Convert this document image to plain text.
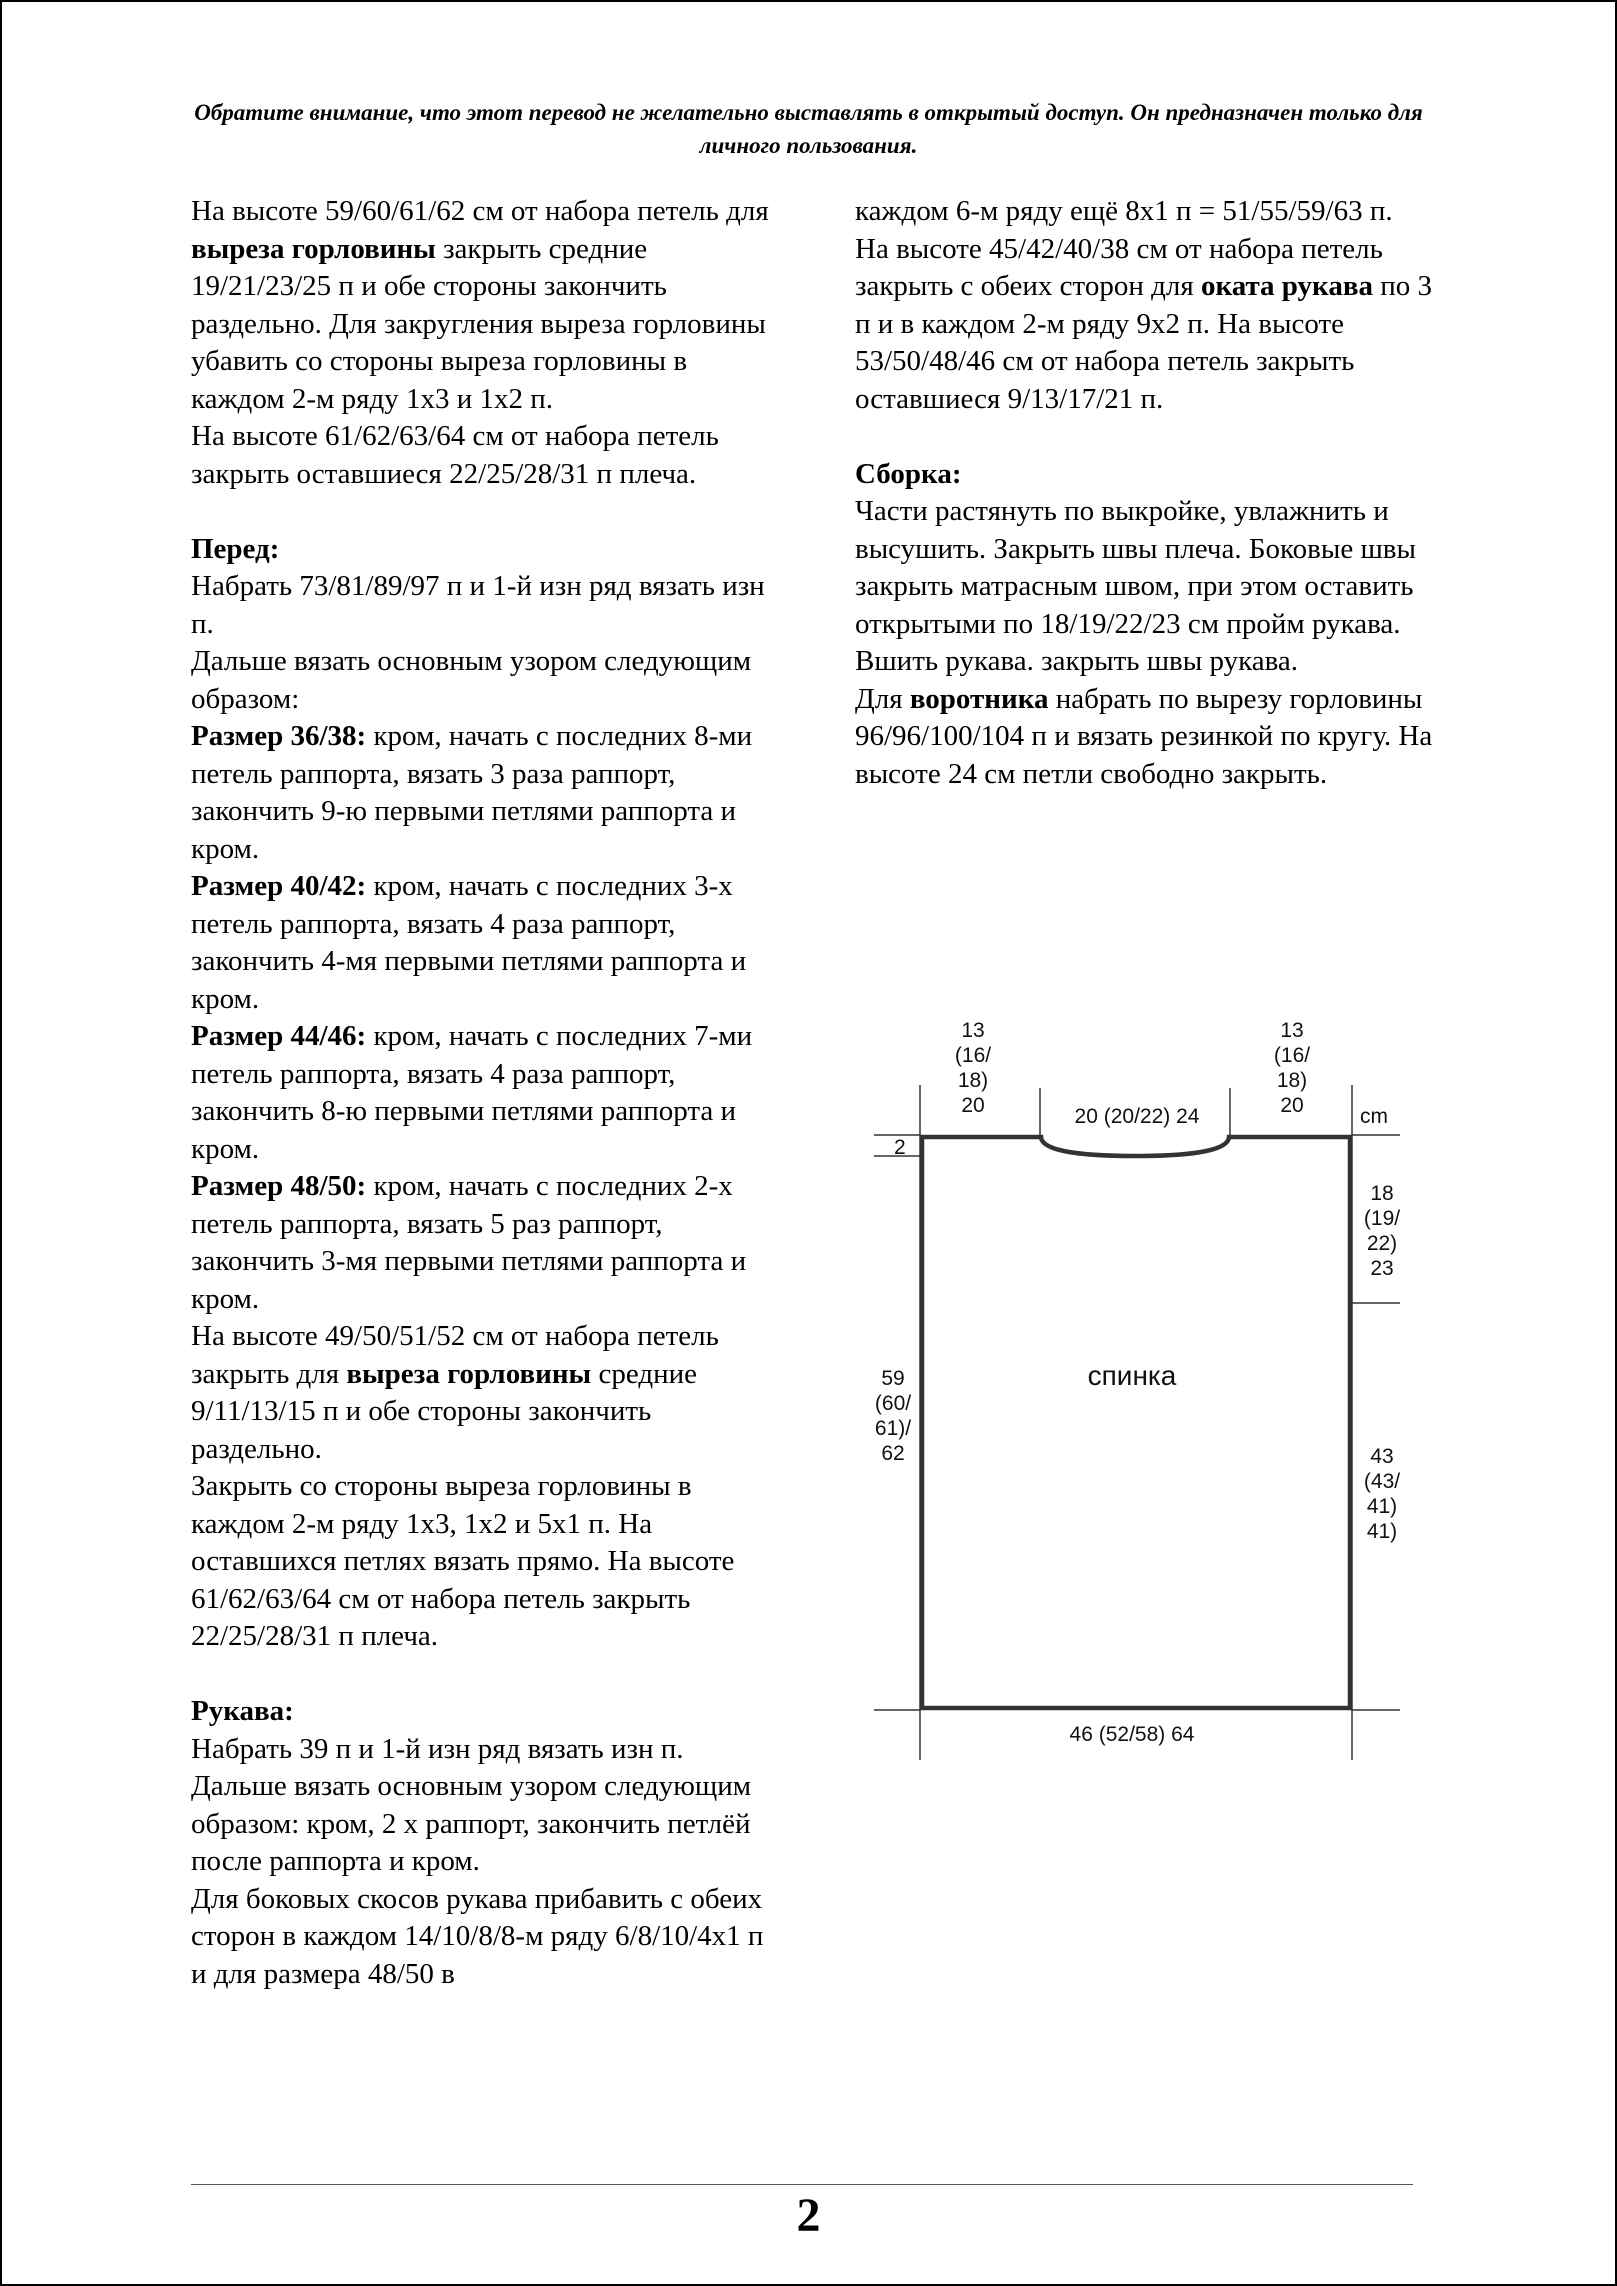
Обратите внимание, что этот перевод не желательно выставлять в открытый доступ. Он предназначен только для личного пользования.

На высоте 59/60/61/62 см от набора петель для выреза горловины закрыть средние 19/21/23/25 п и обе стороны закончить раздельно. Для закругления выреза горловины убавить со стороны выреза горловины в каждом 2-м ряду 1х3 и 1х2 п.

На высоте 61/62/63/64 см от набора петель закрыть оставшиеся 22/25/28/31 п плеча.

Перед:

Набрать 73/81/89/97 п и 1-й изн ряд вязать изн п.

Дальше вязать основным узором следующим образом:

Размер 36/38: кром, начать с последних 8-ми петель раппорта, вязать 3 раза раппорт, закончить 9-ю первыми петлями раппорта и кром.

Размер 40/42: кром, начать с последних 3-х петель раппорта, вязать 4 раза раппорт, закончить 4-мя первыми петлями раппорта и кром.

Размер 44/46: кром, начать с последних 7-ми петель раппорта, вязать 4 раза раппорт, закончить 8-ю первыми петлями раппорта и кром.

Размер 48/50: кром, начать с последних 2-х петель раппорта, вязать 5 раз раппорт, закончить 3-мя первыми петлями раппорта и кром.

На высоте 49/50/51/52 см от набора петель закрыть для выреза горловины средние 9/11/13/15 п и обе стороны закончить раздельно.

Закрыть со стороны выреза горловины в каждом 2-м ряду 1х3, 1х2 и 5х1 п. На оставшихся петлях вязать прямо. На высоте 61/62/63/64 см от набора петель закрыть 22/25/28/31 п плеча.

Рукава:

Набрать 39 п и 1-й изн ряд вязать изн п.

Дальше вязать основным узором следующим образом: кром, 2 х раппорт, закончить петлёй после раппорта и кром.

Для боковых скосов рукава прибавить с обеих сторон в каждом 14/10/8/8-м ряду 6/8/10/4х1 п и для размера 48/50 в

каждом 6-м ряду ещё 8х1 п = 51/55/59/63 п.

На высоте 45/42/40/38 см от набора петель закрыть с обеих сторон для оката рукава по 3 п и в каждом 2-м ряду 9х2 п. На высоте 53/50/48/46 см от набора петель закрыть оставшиеся 9/13/17/21 п.

Сборка:

Части растянуть по выкройке, увлажнить и высушить. Закрыть швы плеча. Боковые швы закрыть матрасным швом, при этом оставить открытыми по 18/19/22/23 см пройм рукава. Вшить рукава. закрыть швы рукава.

Для воротника набрать по вырезу горловины 96/96/100/104 п и вязать резинкой по кругу. На высоте 24 см петли свободно закрыть.

13
(16/
18)
20
13
(16/
18)
20
20 (20/22) 24	cm
2
18
(19/
22)
23
59
(60/
61)/
62	43
(43/
41)
41)
спинка
46 (52/58) 64
2
